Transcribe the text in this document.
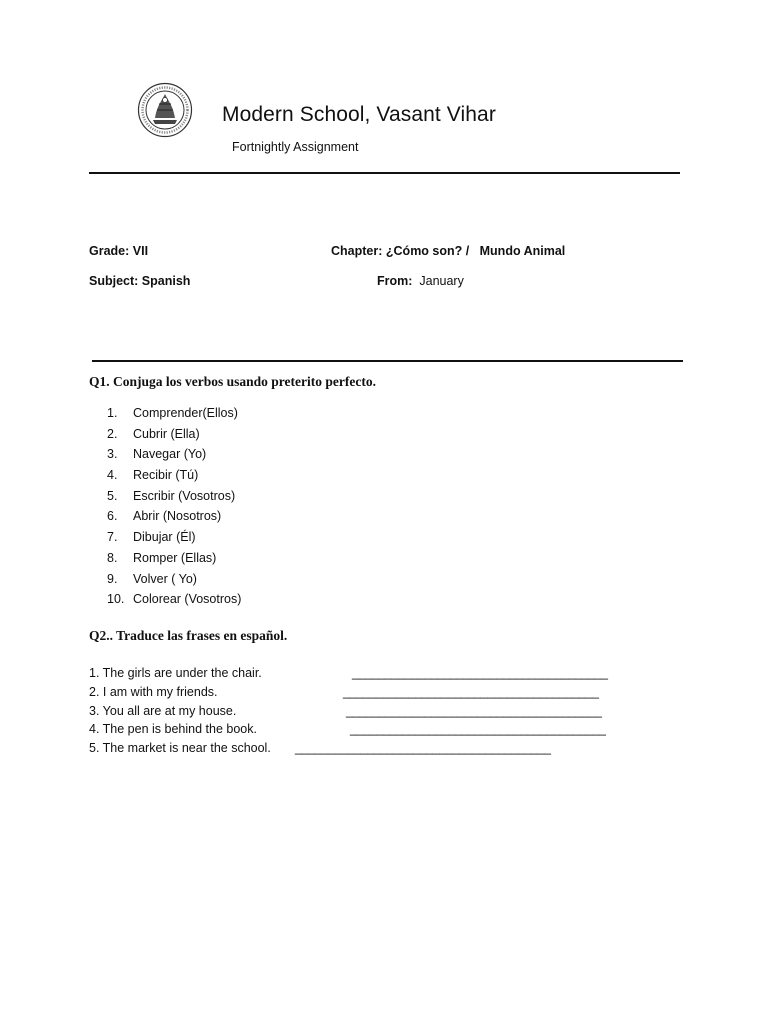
Modern School, Vasant Vihar
Fortnightly Assignment
Grade: VII	Chapter: ¿Cómo son? /   Mundo Animal
Subject: Spanish	From: January
Q1. Conjuga los verbos usando preterito perfecto.
1. Comprender(Ellos)
2. Cubrir (Ella)
3. Navegar (Yo)
4. Recibir (Tú)
5. Escribir (Vosotros)
6. Abrir (Nosotros)
7. Dibujar (Él)
8. Romper (Ellas)
9. Volver ( Yo)
10. Colorear (Vosotros)
Q2.. Traduce las frases en español.
1. The girls are under the chair.	_______________________________________
2. I am with my friends.	_______________________________________
3. You all are at my house.	_______________________________________
4. The pen is behind the book.	_______________________________________
5. The market is near the school. _______________________________________
